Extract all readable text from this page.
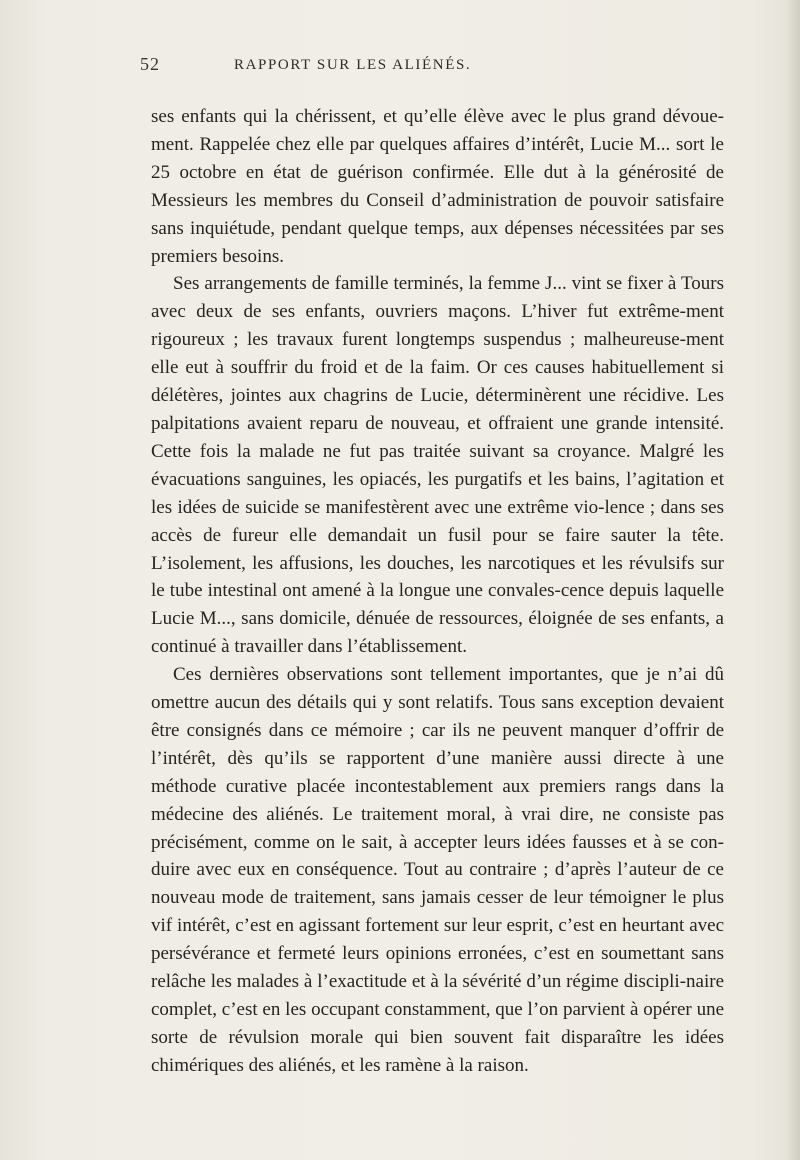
52	RAPPORT SUR LES ALIÉNÉS.

ses enfants qui la chérissent, et qu’elle élève avec le plus grand dévoue-ment. Rappelée chez elle par quelques affaires d’intérêt, Lucie M... sort le 25 octobre en état de guérison confirmée. Elle dut à la générosité de Messieurs les membres du Conseil d’administration de pouvoir satisfaire sans inquiétude, pendant quelque temps, aux dépenses nécessitées par ses premiers besoins.

Ses arrangements de famille terminés, la femme J... vint se fixer à Tours avec deux de ses enfants, ouvriers maçons. L’hiver fut extrême-ment rigoureux ; les travaux furent longtemps suspendus ; malheureuse-ment elle eut à souffrir du froid et de la faim. Or ces causes habituellement si délétères, jointes aux chagrins de Lucie, déterminèrent une récidive. Les palpitations avaient reparu de nouveau, et offraient une grande intensité. Cette fois la malade ne fut pas traitée suivant sa croyance. Malgré les évacuations sanguines, les opiacés, les purgatifs et les bains, l’agitation et les idées de suicide se manifestèrent avec une extrême vio-lence ; dans ses accès de fureur elle demandait un fusil pour se faire sauter la tête. L’isolement, les affusions, les douches, les narcotiques et les révulsifs sur le tube intestinal ont amené à la longue une convales-cence depuis laquelle Lucie M..., sans domicile, dénuée de ressources, éloignée de ses enfants, a continué à travailler dans l’établissement.

Ces dernières observations sont tellement importantes, que je n’ai dû omettre aucun des détails qui y sont relatifs. Tous sans exception devaient être consignés dans ce mémoire ; car ils ne peuvent manquer d’offrir de l’intérêt, dès qu’ils se rapportent d’une manière aussi directe à une méthode curative placée incontestablement aux premiers rangs dans la médecine des aliénés. Le traitement moral, à vrai dire, ne consiste pas précisément, comme on le sait, à accepter leurs idées fausses et à se con-duire avec eux en conséquence. Tout au contraire ; d’après l’auteur de ce nouveau mode de traitement, sans jamais cesser de leur témoigner le plus vif intérêt, c’est en agissant fortement sur leur esprit, c’est en heurtant avec persévérance et fermeté leurs opinions erronées, c’est en soumettant sans relâche les malades à l’exactitude et à la sévérité d’un régime discipli-naire complet, c’est en les occupant constamment, que l’on parvient à opérer une sorte de révulsion morale qui bien souvent fait disparaître les idées chimériques des aliénés, et les ramène à la raison.
